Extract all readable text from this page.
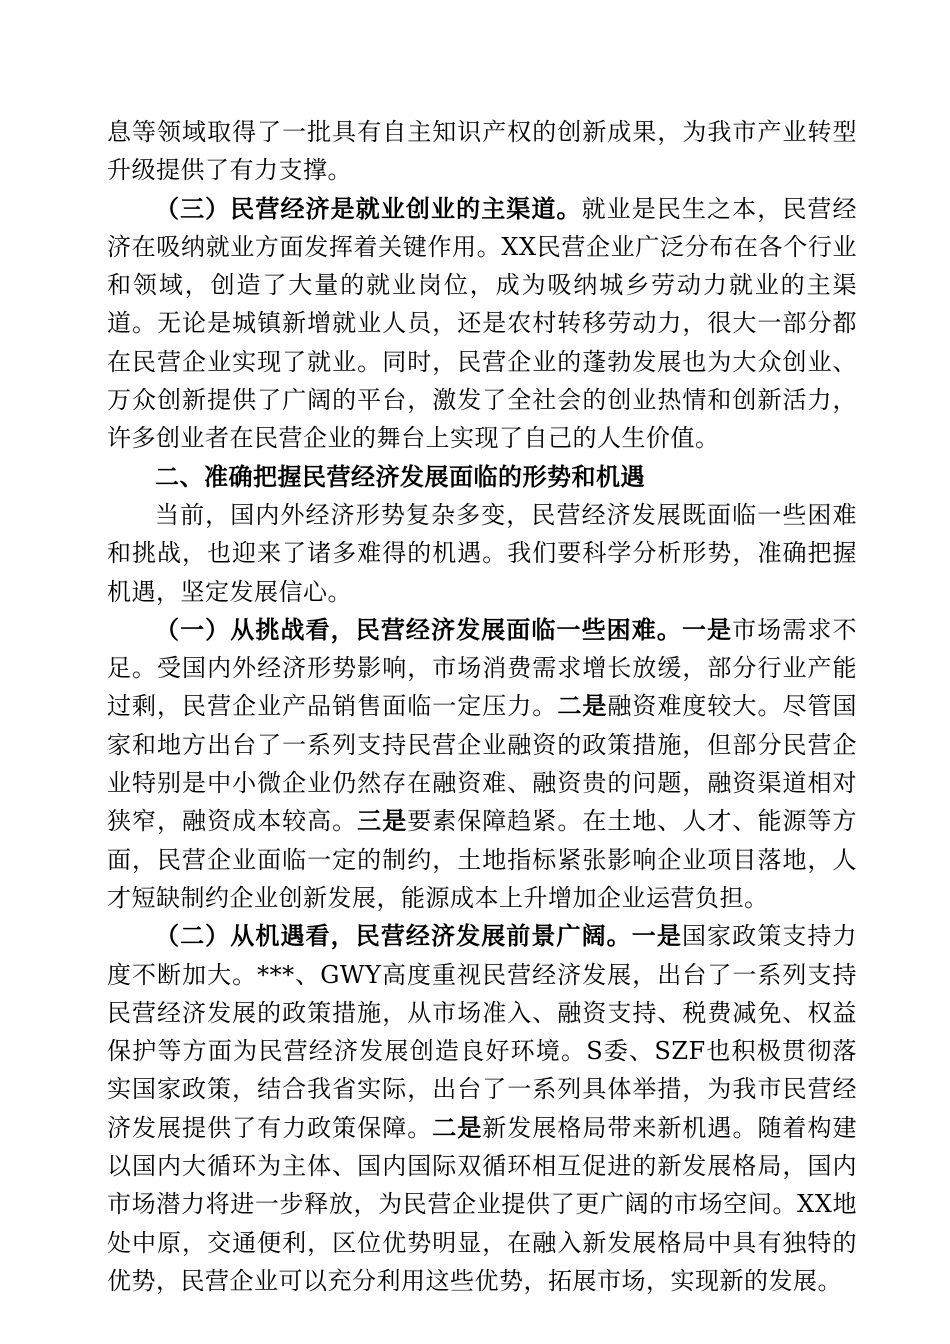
息等领域取得了一批具有自主知识产权的创新成果，为我市产业转型升级提供了有力支撑。

（三）民营经济是就业创业的主渠道。就业是民生之本，民营经济在吸纳就业方面发挥着关键作用。XX民营企业广泛分布在各个行业和领域，创造了大量的就业岗位，成为吸纳城乡劳动力就业的主渠道。无论是城镇新增就业人员，还是农村转移劳动力，很大一部分都在民营企业实现了就业。同时，民营企业的蓬勃发展也为大众创业、万众创新提供了广阔的平台，激发了全社会的创业热情和创新活力，许多创业者在民营企业的舞台上实现了自己的人生价值。

二、准确把握民营经济发展面临的形势和机遇

当前，国内外经济形势复杂多变，民营经济发展既面临一些困难和挑战，也迎来了诸多难得的机遇。我们要科学分析形势，准确把握机遇，坚定发展信心。

（一）从挑战看，民营经济发展面临一些困难。一是市场需求不足。受国内外经济形势影响，市场消费需求增长放缓，部分行业产能过剩，民营企业产品销售面临一定压力。二是融资难度较大。尽管国家和地方出台了一系列支持民营企业融资的政策措施，但部分民营企业特别是中小微企业仍然存在融资难、融资贵的问题，融资渠道相对狭窄，融资成本较高。三是要素保障趋紧。在土地、人才、能源等方面，民营企业面临一定的制约，土地指标紧张影响企业项目落地，人才短缺制约企业创新发展，能源成本上升增加企业运营负担。

（二）从机遇看，民营经济发展前景广阔。一是国家政策支持力度不断加大。***、GWY高度重视民营经济发展，出台了一系列支持民营经济发展的政策措施，从市场准入、融资支持、税费减免、权益保护等方面为民营经济发展创造良好环境。S委、SZF也积极贯彻落实国家政策，结合我省实际，出台了一系列具体举措，为我市民营经济发展提供了有力政策保障。二是新发展格局带来新机遇。随着构建以国内大循环为主体、国内国际双循环相互促进的新发展格局，国内市场潜力将进一步释放，为民营企业提供了更广阔的市场空间。XX地处中原，交通便利，区位优势明显，在融入新发展格局中具有独特的优势，民营企业可以充分利用这些优势，拓展市场，实现新的发展。
